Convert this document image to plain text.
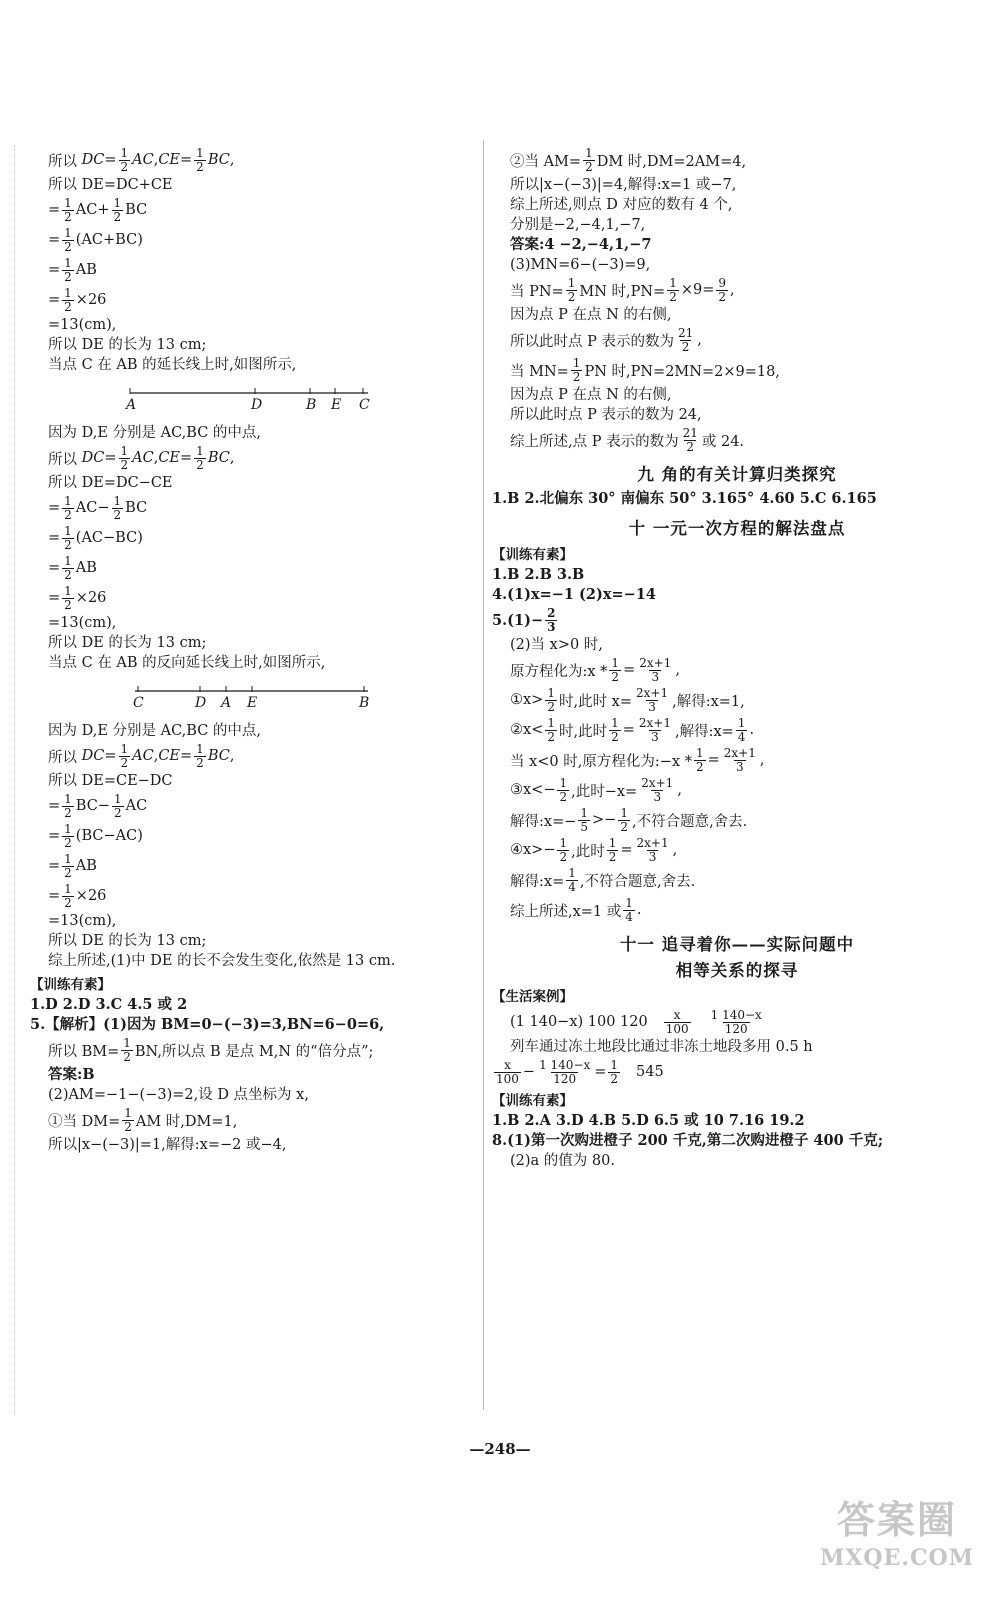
所以
DC = $\frac{1}{2}$ AC , CE = $\frac{1}{2}$ BC ,

所以 DE=DC+CE

= $\frac{1}{2} AC+ \frac{1}{2}$ BC
= $\frac{1}{2} (AC+BC)$
= $\frac{1}{2}$ AB
= $\frac{1}{2} \times 26$

=13(cm),

所以 DE 的长为 13 cm;

当点 C 在 AB 的延长线上时,如图所示,

A	D	B E C

因为 D,E 分别是 AC,BC 的中点,

所以
DC = $\frac{1}{2}$ AC , CE = $\frac{1}{2}$ BC ,

所以 DE=DC−CE

= $\frac{1}{2} AC- \frac{1}{2}$ BC
= $\frac{1}{2} (AC-BC)$
= $\frac{1}{2}$ AB
= $\frac{1}{2} \times 26$

=13(cm),

所以 DE 的长为 13 cm;

当点 C 在 AB 的反向延长线上时,如图所示,

C	D A E	B

因为 D,E 分别是 AC,BC 的中点,

所以
DC = $\frac{1}{2}$ AC , CE = $\frac{1}{2}$ BC ,

所以 DE=CE−DC

= $\frac{1}{2} BC- \frac{1}{2}$ AC
= $\frac{1}{2} (BC-AC)$
= $\frac{1}{2}$ AB
= $\frac{1}{2} \times 26$

=13(cm),

所以 DE 的长为 13 cm;

综上所述,(1)中 DE 的长不会发生变化,依然是 13 cm.

【训练有素】

1.D 2.D 3.C 4.5 或 2

5.【解析】(1)因为 BM=0−(−3)=3,BN=6−0=6,

所以 $BM= \frac{1}{2}$ BN,所以点 B 是点 M,N 的“倍分点”;

答案:B

(2)AM=−1−(−3)=2,设 D 点坐标为 x,

①当 $DM= \frac{1}{2}$ AM 时,DM=1,

所以|x−(−3)|=1,解得:x=−2 或−4,

②当 $AM= \frac{1}{2}$ DM 时,DM=2AM=4,

所以|x−(−3)|=4,解得:x=1 或−7,

综上所述,则点 D 对应的数有 4 个,

分别是−2,−4,1,−7,

答案:4 −2,−4,1,−7

(3)MN=6−(−3)=9,

当 $PN= \frac{1}{2}$ MN 时$,PN= \frac{1}{2} \times 9= \frac{9}{2}$ ,

因为点 P 在点 N 的右侧,

所以此时点 P 表示的数为 $\frac{21}{2}$ ,
当 $MN= \frac{1}{2}$ PN 时,PN=2MN=2×9=18,

因为点 P 在点 N 的右侧,

所以此时点 P 表示的数为 24,

综上所述,点 P 表示的数为 $\frac{21}{2}$ 或 24.

九 角的有关计算归类探究

1.B 2.北偏东 30° 南偏东 50° 3.165° 4.60 5.C 6.165

十 一元一次方程的解法盘点

【训练有素】

1.B 2.B 3.B

4.(1)x=−1 (2)x=−14

$5.(1)- \frac{2}{3}$

(2)当 x>0 时,

原方程化为:x * $\frac{1}{2} = \frac{2x+1}{3}$ ,
①x> $\frac{1}{2}$ 时,此时 $x= \frac{2x+1}{3}$ ,解得:x=1,
②x< $\frac{1}{2}$ 时,此时 $\frac{1}{2} = \frac{2x+1}{3}$ ,解得:x= $\frac{1}{4}$ .
当 x<0 时,原方程化为:−x * $\frac{1}{2} = \frac{2x+1}{3}$ ,
③x<− $\frac{1}{2}$ ,此时$-x= \frac{2x+1}{3}$ ,
解得:x=− $\frac{1}{5} >- \frac{1}{2}$ ,不符合题意,舍去.
④x>− $\frac{1}{2}$ ,此时 $\frac{1}{2} = \frac{2x+1}{3}$ ,
解得:x= $\frac{1}{4}$ ,不符合题意,舍去.
综上所述,x=1 或 $\frac{1}{4}$ .

十一 追寻着你——实际问题中

相等关系的探寻

【生活案例】

(1 140−x) 100 $120 \frac{x}{100} \frac{1 140-x}{120}$

列车通过冻土地段比通过非冻土地段多用 0.5 h

$\frac{x}{100} - \frac{1 140-x}{120} = \frac{1}{2} 545$

【训练有素】

1.B 2.A 3.D 4.B 5.D 6.5 或 10 7.16 19.2

8.(1)第一次购进橙子 200 千克,第二次购进橙子 400 千克;

(2)a 的值为 80.

—248—
答案圈
MXQE.COM
